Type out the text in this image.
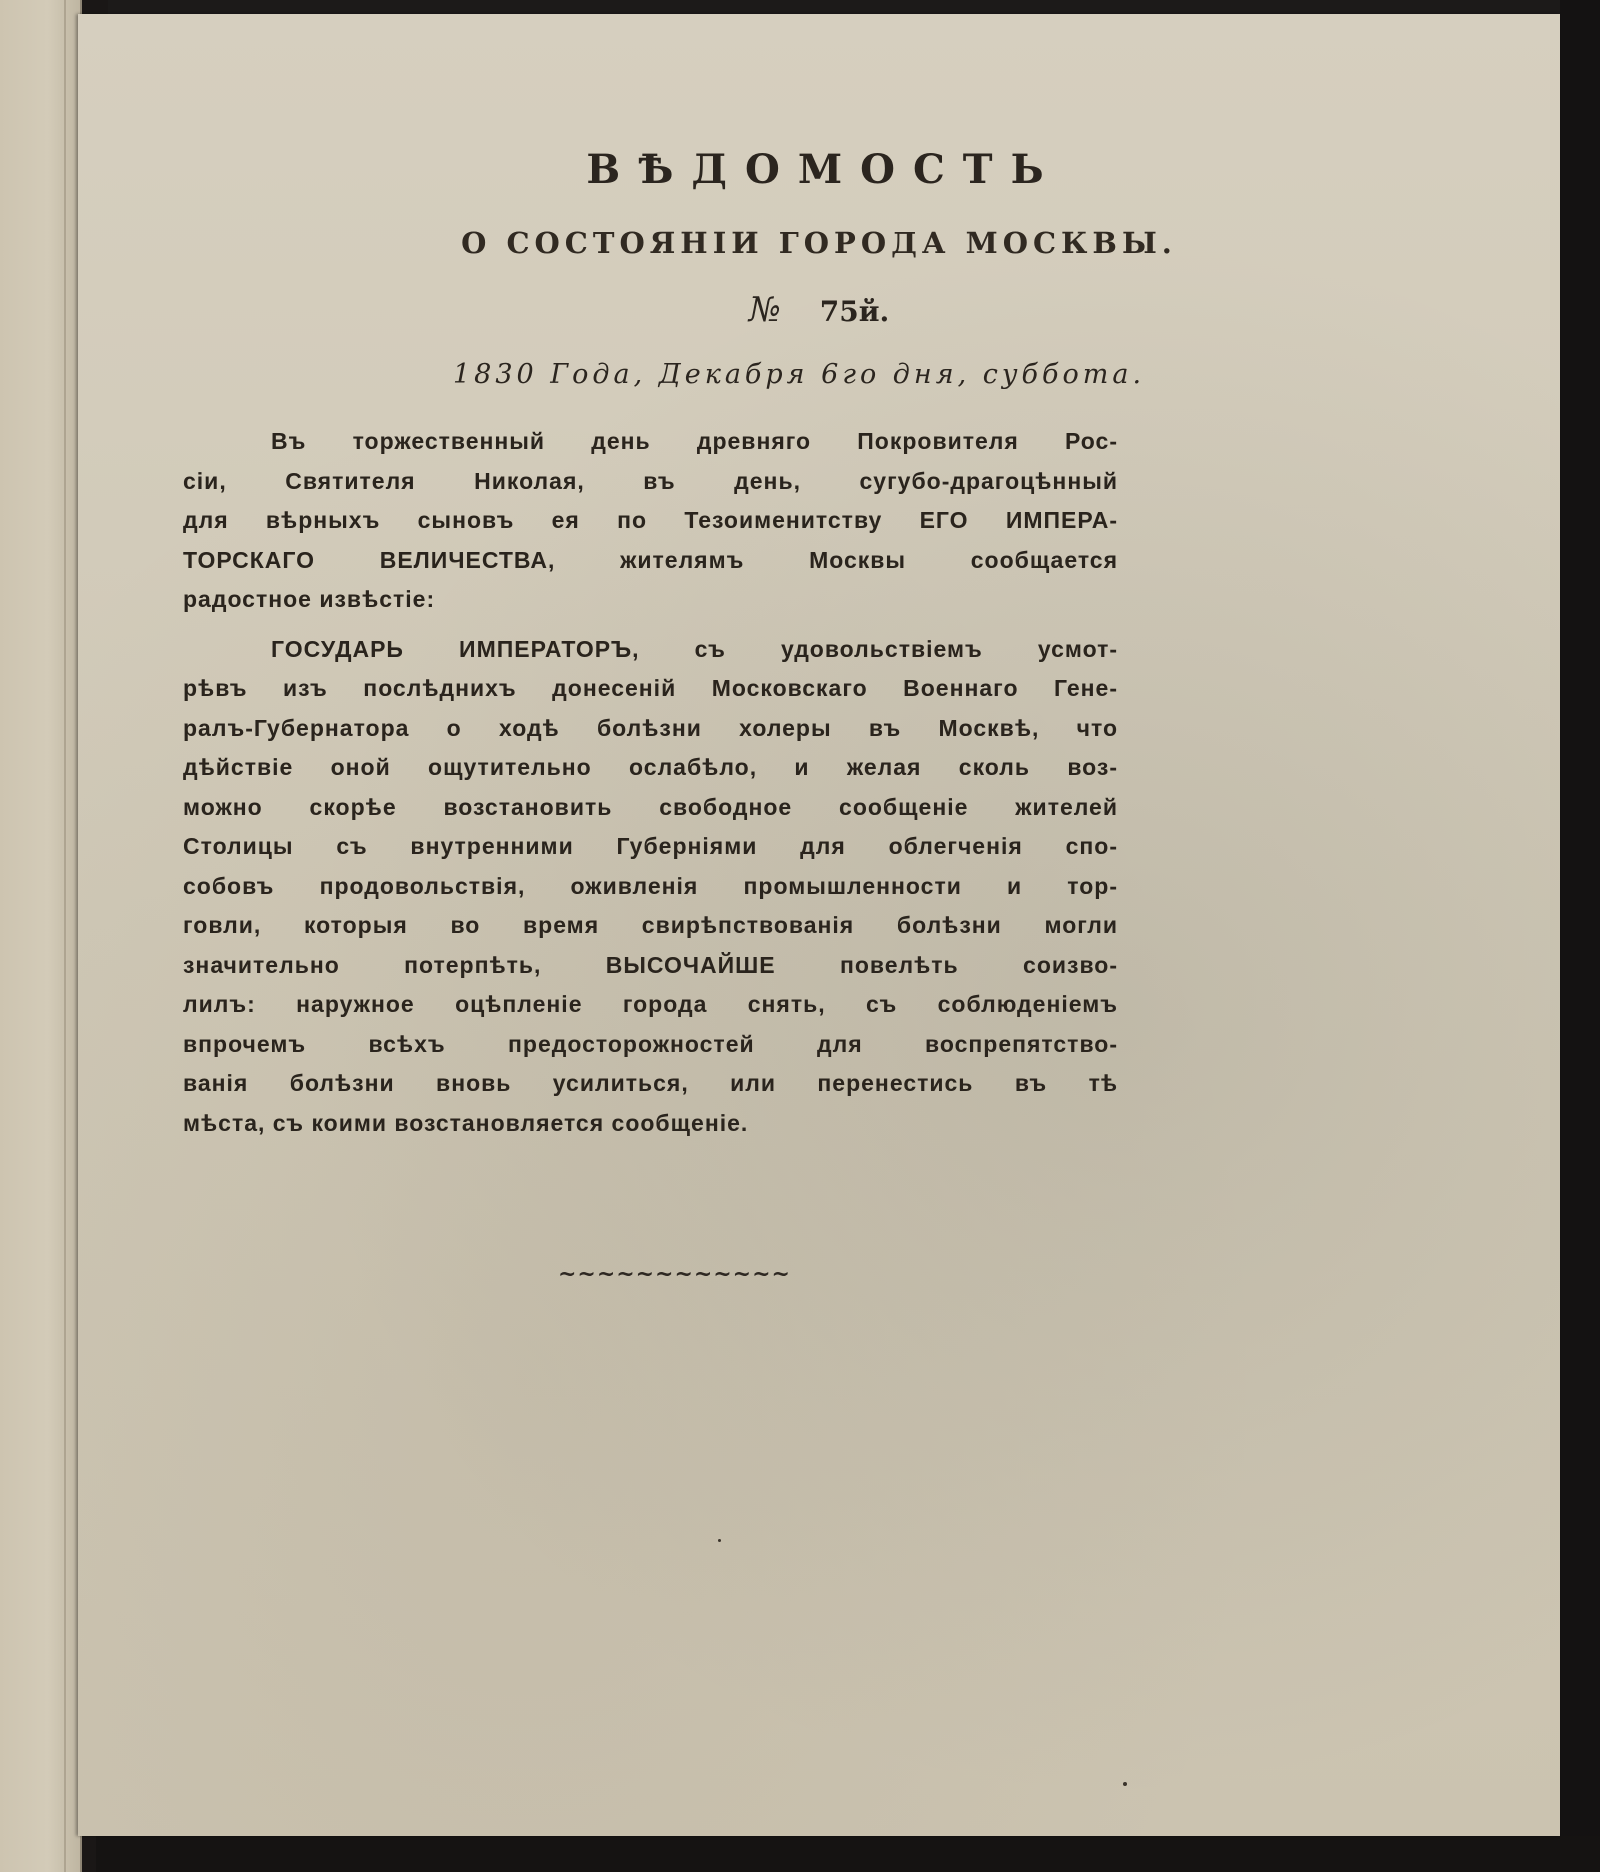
ВѢДОМОСТЬ
О СОСТОЯНІИ ГОРОДА МОСКВЫ.
№ 75й.
1830 Года, Декабря 6го дня, суббота.
Въ торжественный день древняго Покровителя Рос-
сіи, Святителя Николая, въ день, сугубо-драгоцѣнный
для вѣрныхъ сыновъ ея по Тезоименитству ЕГО ИМПЕРА-
ТОРСКАГО ВЕЛИЧЕСТВА, жителямъ Москвы сообщается
радостное извѣстіе:
ГОСУДАРЬ ИМПЕРАТОРЪ, съ удовольствіемъ усмот-
рѣвъ изъ послѣднихъ донесеній Московскаго Военнаго Гене-
ралъ-Губернатора о ходѣ болѣзни холеры въ Москвѣ, что
дѣйствіе оной ощутительно ослабѣло, и желая сколь воз-
можно скорѣе возстановить свободное сообщеніе жителей
Столицы съ внутренними Губерніями для облегченія спо-
собовъ продовольствія, оживленія промышленности и тор-
говли, которыя во время свирѣпствованія болѣзни могли
значительно потерпѣть, ВЫСОЧАЙШЕ повелѣть соизво-
лилъ: наружное оцѣпленіе города снять, съ соблюденіемъ
впрочемъ всѣхъ предосторожностей для воспрепятство-
ванія болѣзни вновь усилиться, или перенестись въ тѣ
мѣста, съ коими возстановляется сообщеніе.
~ ~ ~ ~ ~ ~ ~ ~ ~ ~ ~ ~
